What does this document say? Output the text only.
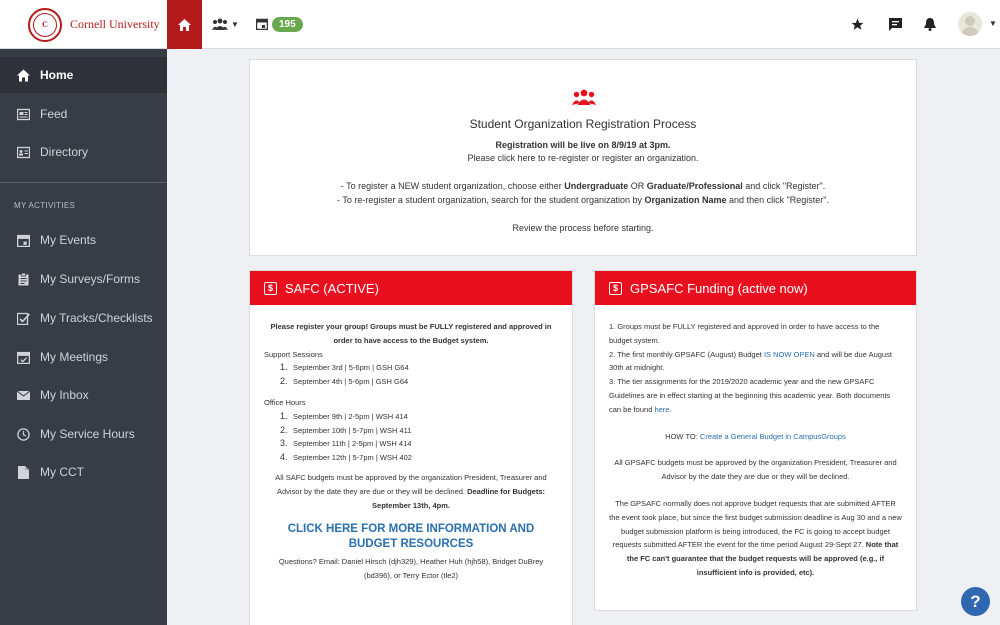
C	Cornell University	▼	195	▼
Home
Feed
Directory
MY ACTIVITIES
My Events
My Surveys/Forms
My Tracks/Checklists
My Meetings
My Inbox
My Service Hours
My CCT
Student Organization Registration Process
Registration will be live on 8/9/19 at 3pm.
Please click here to re-register or register an organization.
- To register a NEW student organization, choose either Undergraduate OR Graduate/Professional and click "Register".
- To re-register a student organization, search for the student organization by Organization Name and then click "Register".
Review the process before starting.
$ SAFC (ACTIVE)
Please register your group! Groups must be FULLY registered and approved in order to have access to the Budget system.
Support Sessions
1. September 3rd | 5-6pm | GSH G64
2. September 4th | 5-6pm | GSH G64
Office Hours
1. September 9th | 2-5pm | WSH 414
2. September 10th | 5-7pm | WSH 411
3. September 11th | 2-5pm | WSH 414
4. September 12th | 5-7pm | WSH 402
All SAFC budgets must be approved by the organization President, Treasurer and Advisor by the date they are due or they will be declined. Deadline for Budgets: September 13th, 4pm.
CLICK HERE FOR MORE INFORMATION AND BUDGET RESOURCES
Questions? Email: Daniel Hirsch (djh329), Heather Huh (hjh58), Bridget DuBrey (bd396), or Terry Ector (tle2)
$ GPSAFC Funding (active now)
1. Groups must be FULLY registered and approved in order to have access to the budget system.
2. The first monthly GPSAFC (August) Budget IS NOW OPEN and will be due August 30th at midnight.
3. The tier assignments for the 2019/2020 academic year and the new GPSAFC Guidelines are in effect starting at the beginning this academic year. Both documents can be found here.
HOW TO: Create a General Budget in CampusGroups
All GPSAFC budgets must be approved by the organization President, Treasurer and Advisor by the date they are due or they will be declined.
The GPSAFC normally does not approve budget requests that are submitted AFTER the event took place, but since the first budget submission deadline is Aug 30 and a new budget submission platform is being introduced, the FC is going to accept budget requests submitted AFTER the event for the time period August 29-Sept 27. Note that the FC can't guarantee that the budget requests will be approved (e.g., if insufficient info is provided, etc).
?
